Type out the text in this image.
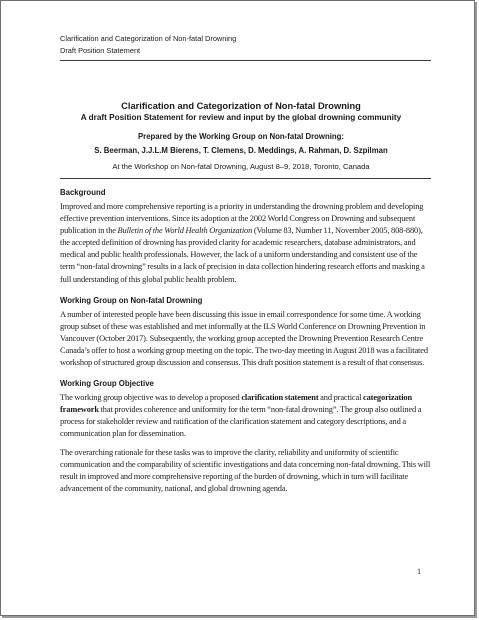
Clarification and Categorization of Non-fatal Drowning
Draft Position Statement
Clarification and Categorization of Non-fatal Drowning
A draft Position Statement for review and input by the global drowning community
Prepared by the Working Group on Non-fatal Drowning:
S. Beerman, J.J.L.M Bierens, T. Clemens, D. Meddings, A. Rahman, D. Szpilman
At the Workshop on Non-fatal Drowning, August 8–9, 2018, Toronto, Canada
Background

Improved and more comprehensive reporting is a priority in understanding the drowning problem and developing effective prevention interventions. Since its adoption at the 2002 World Congress on Drowning and subsequent publication in the Bulletin of the World Health Organization (Volume 83, Number 11, November 2005, 808-880), the accepted definition of drowning has provided clarity for academic researchers, database administrators, and medical and public health professionals. However, the lack of a uniform understanding and consistent use of the term “non-fatal drowning” results in a lack of precision in data collection hindering research efforts and masking a full understanding of this global public health problem.

Working Group on Non-fatal Drowning

A number of interested people have been discussing this issue in email correspondence for some time. A working group subset of these was established and met informally at the ILS World Conference on Drowning Prevention in Vancouver (October 2017). Subsequently, the working group accepted the Drowning Prevention Research Centre Canada’s offer to host a working group meeting on the topic. The two-day meeting in August 2018 was a facilitated workshop of structured group discussion and consensus. This draft position statement is a result of that consensus.

Working Group Objective

The working group objective was to develop a proposed clarification statement and practical categorization framework that provides coherence and uniformity for the term “non-fatal drowning”. The group also outlined a process for stakeholder review and ratification of the clarification statement and category descriptions, and a communication plan for dissemination.

The overarching rationale for these tasks was to improve the clarity, reliability and uniformity of scientific communication and the comparability of scientific investigations and data concerning non-fatal drowning. This will result in improved and more comprehensive reporting of the burden of drowning, which in turn will facilitate advancement of the community, national, and global drowning agenda.

1
